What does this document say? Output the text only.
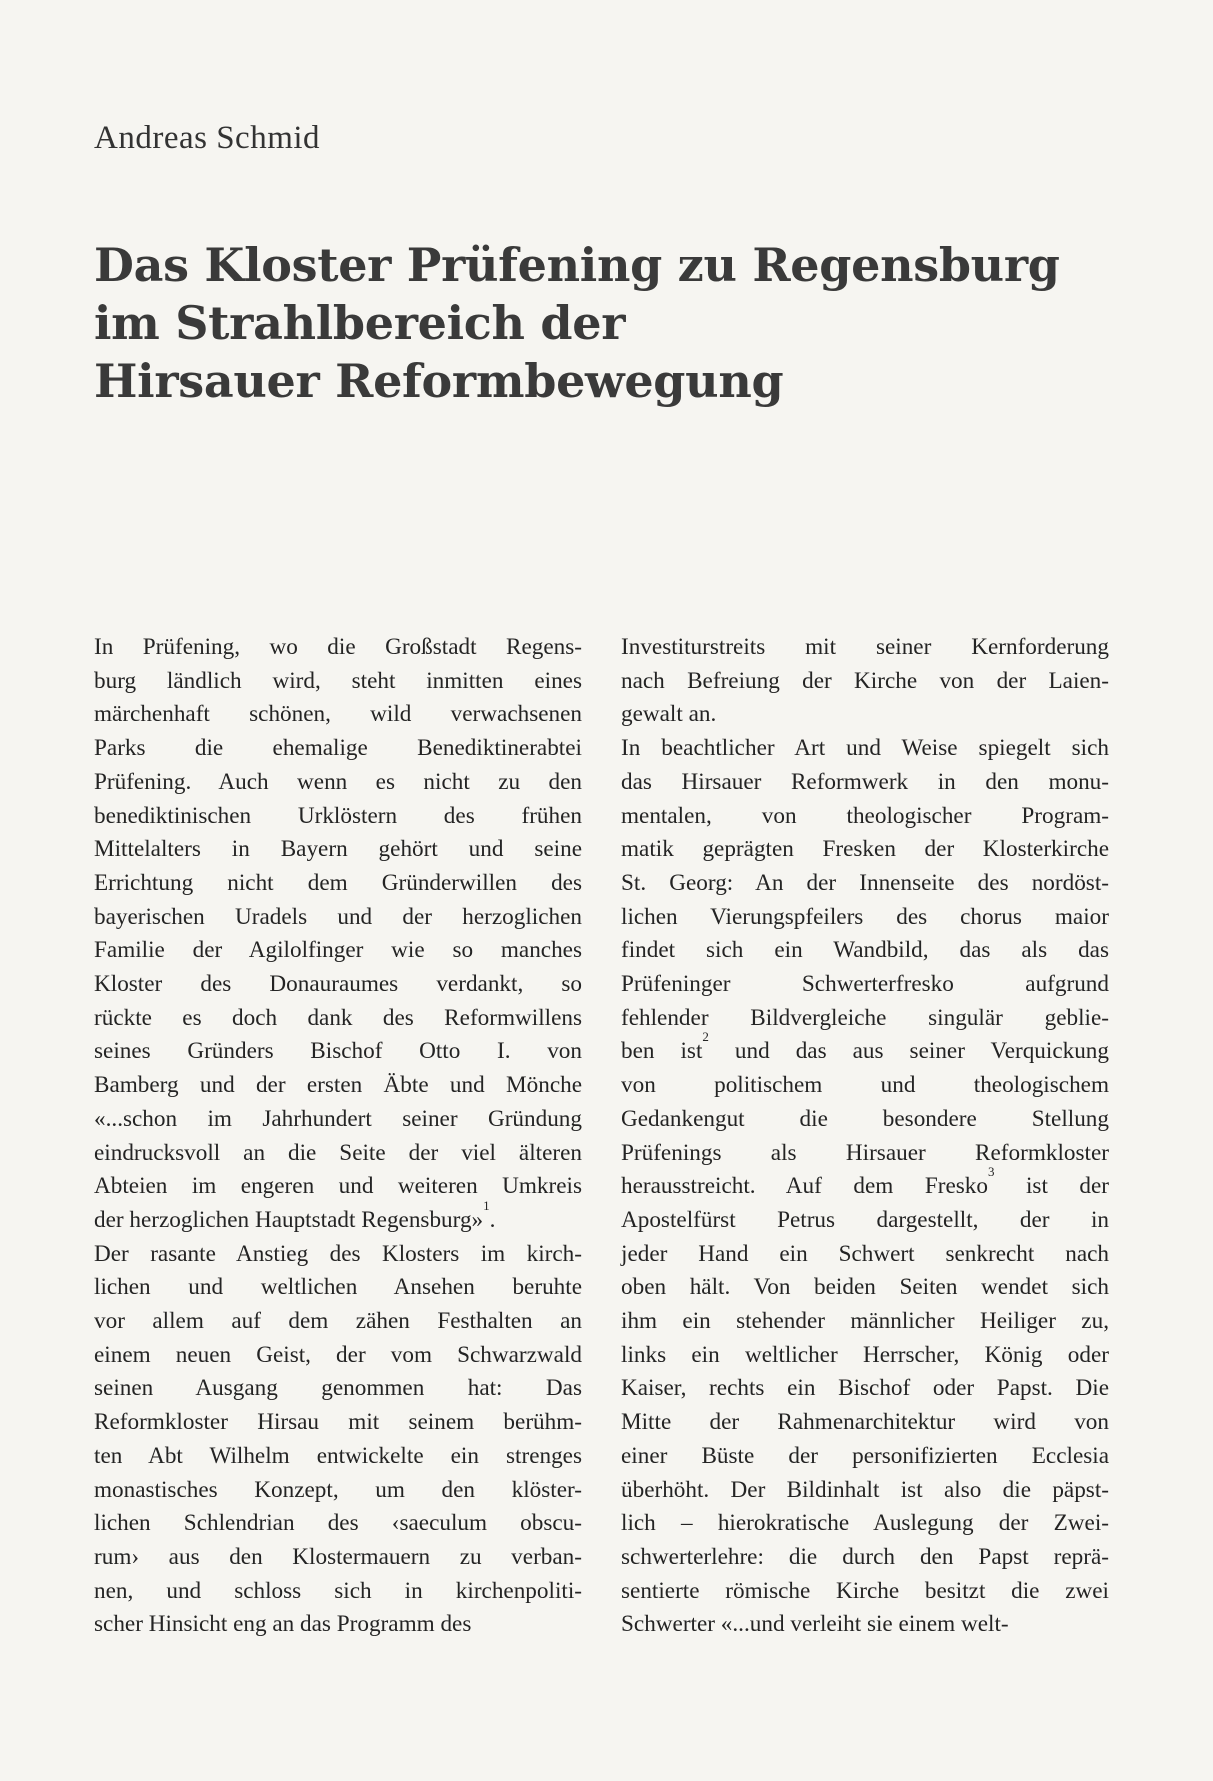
Andreas Schmid

Das Kloster Prüfening zu Regensburg
im Strahlbereich der
Hirsauer Reformbewegung
In Prüfening, wo die Großstadt Regens-
burg ländlich wird, steht inmitten eines
märchenhaft schönen, wild verwachsenen
Parks die ehemalige Benediktinerabtei
Prüfening. Auch wenn es nicht zu den
benediktinischen Urklöstern des frühen
Mittelalters in Bayern gehört und seine
Errichtung nicht dem Gründerwillen des
bayerischen Uradels und der herzoglichen
Familie der Agilolfinger wie so manches
Kloster des Donauraumes verdankt, so
rückte es doch dank des Reformwillens
seines Gründers Bischof Otto I. von
Bamberg und der ersten Äbte und Mönche
«...schon im Jahrhundert seiner Gründung
eindrucksvoll an die Seite der viel älteren
Abteien im engeren und weiteren Umkreis
der herzoglichen Hauptstadt Regensburg»$^1$.
Der rasante Anstieg des Klosters im kirch-
lichen und weltlichen Ansehen beruhte
vor allem auf dem zähen Festhalten an
einem neuen Geist, der vom Schwarzwald
seinen Ausgang genommen hat: Das
Reformkloster Hirsau mit seinem berühm-
ten Abt Wilhelm entwickelte ein strenges
monastisches Konzept, um den klöster-
lichen Schlendrian des ‹saeculum obscu-
rum› aus den Klostermauern zu verban-
nen, und schloss sich in kirchenpoliti-
scher Hinsicht eng an das Programm des
Investiturstreits mit seiner Kernforderung
nach Befreiung der Kirche von der Laien-
gewalt an.
In beachtlicher Art und Weise spiegelt sich
das Hirsauer Reformwerk in den monu-
mentalen, von theologischer Program-
matik geprägten Fresken der Klosterkirche
St. Georg: An der Innenseite des nordöst-
lichen Vierungspfeilers des chorus maior
findet sich ein Wandbild, das als das
Prüfeninger Schwerterfresko aufgrund
fehlender Bildvergleiche singulär geblie-
ben ist$^2$ und das aus seiner Verquickung
von politischem und theologischem
Gedankengut die besondere Stellung
Prüfenings als Hirsauer Reformkloster
herausstreicht. Auf dem Fresko$^3$ ist der
Apostelfürst Petrus dargestellt, der in
jeder Hand ein Schwert senkrecht nach
oben hält. Von beiden Seiten wendet sich
ihm ein stehender männlicher Heiliger zu,
links ein weltlicher Herrscher, König oder
Kaiser, rechts ein Bischof oder Papst. Die
Mitte der Rahmenarchitektur wird von
einer Büste der personifizierten Ecclesia
überhöht. Der Bildinhalt ist also die päpst-
lich – hierokratische Auslegung der Zwei-
schwerterlehre: die durch den Papst reprä-
sentierte römische Kirche besitzt die zwei
Schwerter «...und verleiht sie einem welt-
